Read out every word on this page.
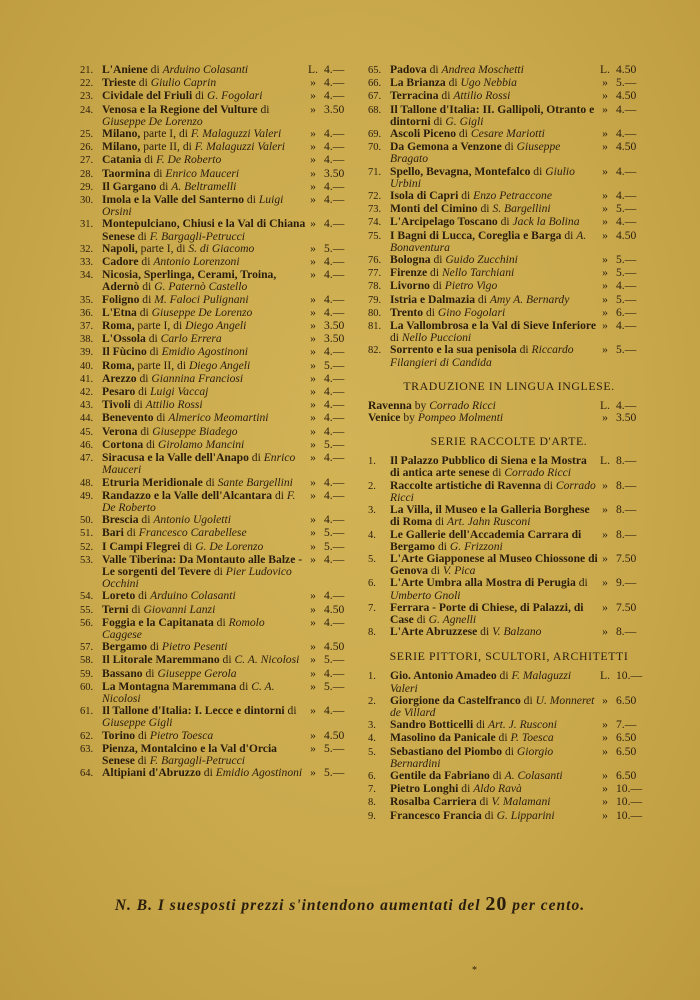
21. L'Aniene di Arduino Colasanti	L. 4.—
22. Trieste di Giulio Caprin	» 4.—
23. Cividale del Friuli di G. Fogolari	» 4.—
24. Venosa e la Regione del Vulture di Giuseppe De Lorenzo
» 3.50
25. Milano, parte I, di F. Malaguzzi Valeri	» 4.—
26. Milano, parte II, di F. Malaguzzi Valeri	» 4.—
27. Catania di F. De Roberto	» 4.—
28. Taormina di Enrico Mauceri	» 3.50
29. Il Gargano di A. Beltramelli	» 4.—
30. Imola e la Valle del Santerno di Luigi Orsini
» 4.—
31. Montepulciano, Chiusi e la Val di Chiana Senese di F. Bargagli-Petrucci
» 4.—
32. Napoli, parte I, di S. di Giacomo	» 5.—
33. Cadore di Antonio Lorenzoni	» 4.—
34. Nicosia, Sperlinga, Cerami, Troina, Adernò di G. Paternò Castello
» 4.—
35. Foligno di M. Faloci Pulignani	» 4.—
36. L'Etna di Giuseppe De Lorenzo	» 4.—
37. Roma, parte I, di Diego Angeli	» 3.50
38. L'Ossola di Carlo Errera	» 3.50
39. Il Fùcino di Emidio Agostinoni	» 4.—
40. Roma, parte II, di Diego Angeli	» 5.—
41. Arezzo di Giannina Franciosi	» 4.—
42. Pesaro di Luigi Vaccaj	» 4.—
43. Tivoli di Attilio Rossi	» 4.—
44. Benevento di Almerico Meomartini	» 4.—
45. Verona di Giuseppe Biadego	» 4.—
46. Cortona di Girolamo Mancini	» 5.—
47. Siracusa e la Valle dell'Anapo di Enrico Mauceri
» 4.—
48. Etruria Meridionale di Sante Bargellini	» 4.—
49. Randazzo e la Valle dell'Alcantara di F. De Roberto
» 4.—
50. Brescia di Antonio Ugoletti	» 4.—
51. Bari di Francesco Carabellese	» 5.—
52. I Campi Flegrei di G. De Lorenzo	» 5.—
53. Valle Tiberina: Da Montauto alle Balze - Le sorgenti del Tevere di Pier Ludovico Occhini
» 4.—
54. Loreto di Arduino Colasanti	» 4.—
55. Terni di Giovanni Lanzi	» 4.50
56. Foggia e la Capitanata di Romolo Caggese
» 4.—
57. Bergamo di Pietro Pesenti	» 4.50
58. Il Litorale Maremmano di C. A. Nicolosi » 5.—
59. Bassano di Giuseppe Gerola	» 4.—
60. La Montagna Maremmana di C. A. Nicolosi
» 5.—
61. Il Tallone d'Italia: I. Lecce e dintorni di Giuseppe Gigli
» 4.—
62. Torino di Pietro Toesca	» 4.50
63. Pienza, Montalcino e la Val d'Orcia Senese di F. Bargagli-Petrucci
» 5.—
64. Altipiani d'Abruzzo di Emidio Agostinoni » 5.—
65. Padova di Andrea Moschetti	L. 4.50
66. La Brianza di Ugo Nebbia	» 5.—
67. Terracina di Attilio Rossi	» 4.50
68. Il Tallone d'Italia: II. Gallipoli, Otranto e dintorni di G. Gigli
» 4.—
69. Ascoli Piceno di Cesare Mariotti	» 4.—
70. Da Gemona a Venzone di Giuseppe Bragato
» 4.50
71. Spello, Bevagna, Montefalco di Giulio Urbini
» 4.—
72. Isola di Capri di Enzo Petraccone	» 4.—
73. Monti del Cimino di S. Bargellini	» 5.—
74. L'Arcipelago Toscano di Jack la Bolina	» 4.—
75. I Bagni di Lucca, Coreglia e Barga di A. Bonaventura
» 4.50
76. Bologna di Guido Zucchini	» 5.—
77. Firenze di Nello Tarchiani	» 5.—
78. Livorno di Pietro Vigo	» 4.—
79. Istria e Dalmazia di Amy A. Bernardy	» 5.—
80. Trento di Gino Fogolari	» 6.—
81. La Vallombrosa e la Val di Sieve Inferiore di Nello Puccioni
» 4.—
82. Sorrento e la sua penisola di Riccardo Filangieri di Candida
» 5.—
TRADUZIONE IN LINGUA INGLESE.
Ravenna by Corrado Ricci	L. 4.—
Venice by Pompeo Molmenti	» 3.50
SERIE RACCOLTE D'ARTE.
1.	Il Palazzo Pubblico di Siena e la Mostra di antica arte senese di Corrado Ricci
L. 8.—
2.	Raccolte artistiche di Ravenna di Corrado Ricci
» 8.—
3.	La Villa, il Museo e la Galleria Borghese di Roma di Art. Jahn Rusconi
» 8.—
4.	Le Gallerie dell'Accademia Carrara di Bergamo di G. Frizzoni
» 8.—
5.	L'Arte Giapponese al Museo Chiossone di Genova di V. Pica
» 7.50
6.	L'Arte Umbra alla Mostra di Perugia di Umberto Gnoli
» 9.—
7.	Ferrara - Porte di Chiese, di Palazzi, di Case di G. Agnelli
» 7.50
8.	L'Arte Abruzzese di V. Balzano	» 8.—
SERIE PITTORI, SCULTORI, ARCHITETTI
1.	Gio. Antonio Amadeo di F. Malaguzzi Valeri
L. 10.—
2.	Giorgione da Castelfranco di U. Monneret de Villard
» 6.50
3.	Sandro Botticelli di Art. J. Rusconi	» 7.—
4.	Masolino da Panicale di P. Toesca	» 6.50
5.	Sebastiano del Piombo di Giorgio Bernardini
» 6.50
6.	Gentile da Fabriano di A. Colasanti	» 6.50
7.	Pietro Longhi di Aldo Ravà	» 10.—
8.	Rosalba Carriera di V. Malamani	» 10.—
9.	Francesco Francia di G. Lipparini	» 10.—
N. B. I suesposti prezzi s'intendono aumentati del 20 per cento.
*
